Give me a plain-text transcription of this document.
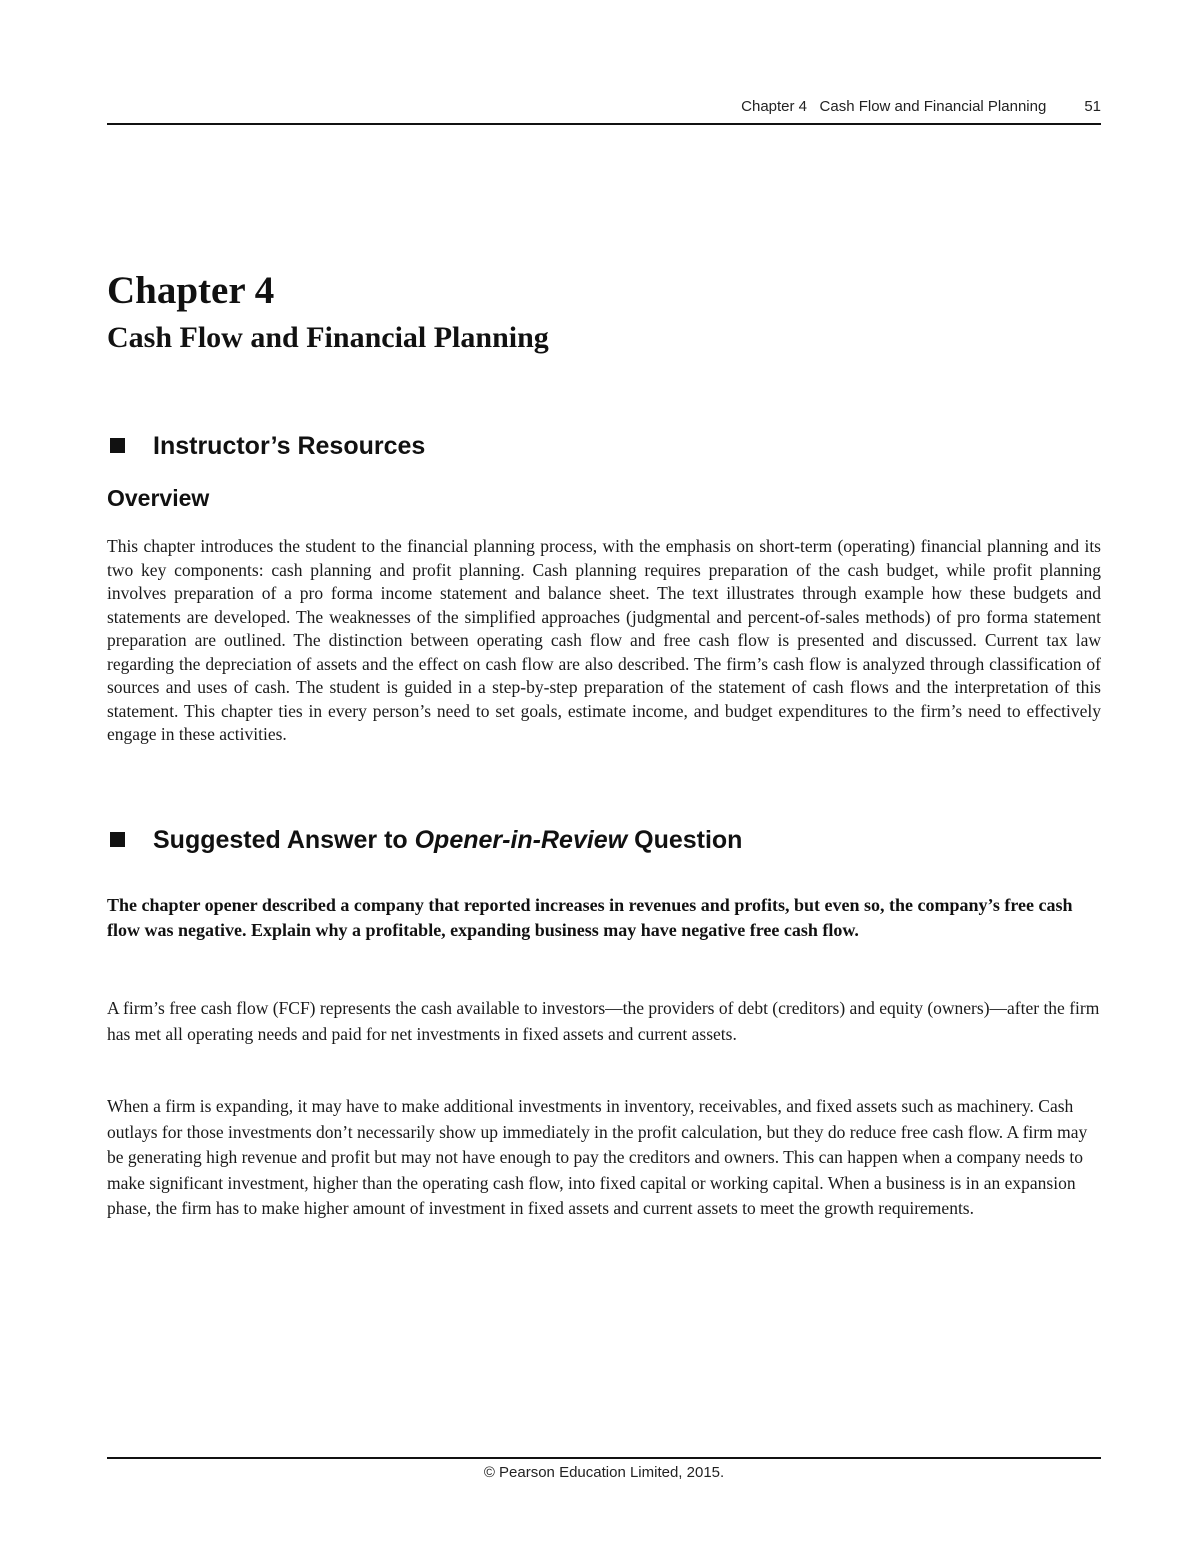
Chapter 4   Cash Flow and Financial Planning	51
Chapter 4
Cash Flow and Financial Planning
Instructor’s Resources
Overview

This chapter introduces the student to the financial planning process, with the emphasis on short-term (operating) financial planning and its two key components: cash planning and profit planning. Cash planning requires preparation of the cash budget, while profit planning involves preparation of a pro forma income statement and balance sheet. The text illustrates through example how these budgets and statements are developed. The weaknesses of the simplified approaches (judgmental and percent-of-sales methods) of pro forma statement preparation are outlined. The distinction between operating cash flow and free cash flow is presented and discussed. Current tax law regarding the depreciation of assets and the effect on cash flow are also described. The firm’s cash flow is analyzed through classification of sources and uses of cash. The student is guided in a step-by-step preparation of the statement of cash flows and the interpretation of this statement. This chapter ties in every person’s need to set goals, estimate income, and budget expenditures to the firm’s need to effectively engage in these activities.

Suggested Answer to Opener-in-Review Question

The chapter opener described a company that reported increases in revenues and profits, but even so, the company’s free cash flow was negative. Explain why a profitable, expanding business may have negative free cash flow.

A firm’s free cash flow (FCF) represents the cash available to investors—the providers of debt (creditors) and equity (owners)—after the firm has met all operating needs and paid for net investments in fixed assets and current assets.

When a firm is expanding, it may have to make additional investments in inventory, receivables, and fixed assets such as machinery. Cash outlays for those investments don’t necessarily show up immediately in the profit calculation, but they do reduce free cash flow. A firm may be generating high revenue and profit but may not have enough to pay the creditors and owners. This can happen when a company needs to make significant investment, higher than the operating cash flow, into fixed capital or working capital. When a business is in an expansion phase, the firm has to make higher amount of investment in fixed assets and current assets to meet the growth requirements.

© Pearson Education Limited, 2015.
